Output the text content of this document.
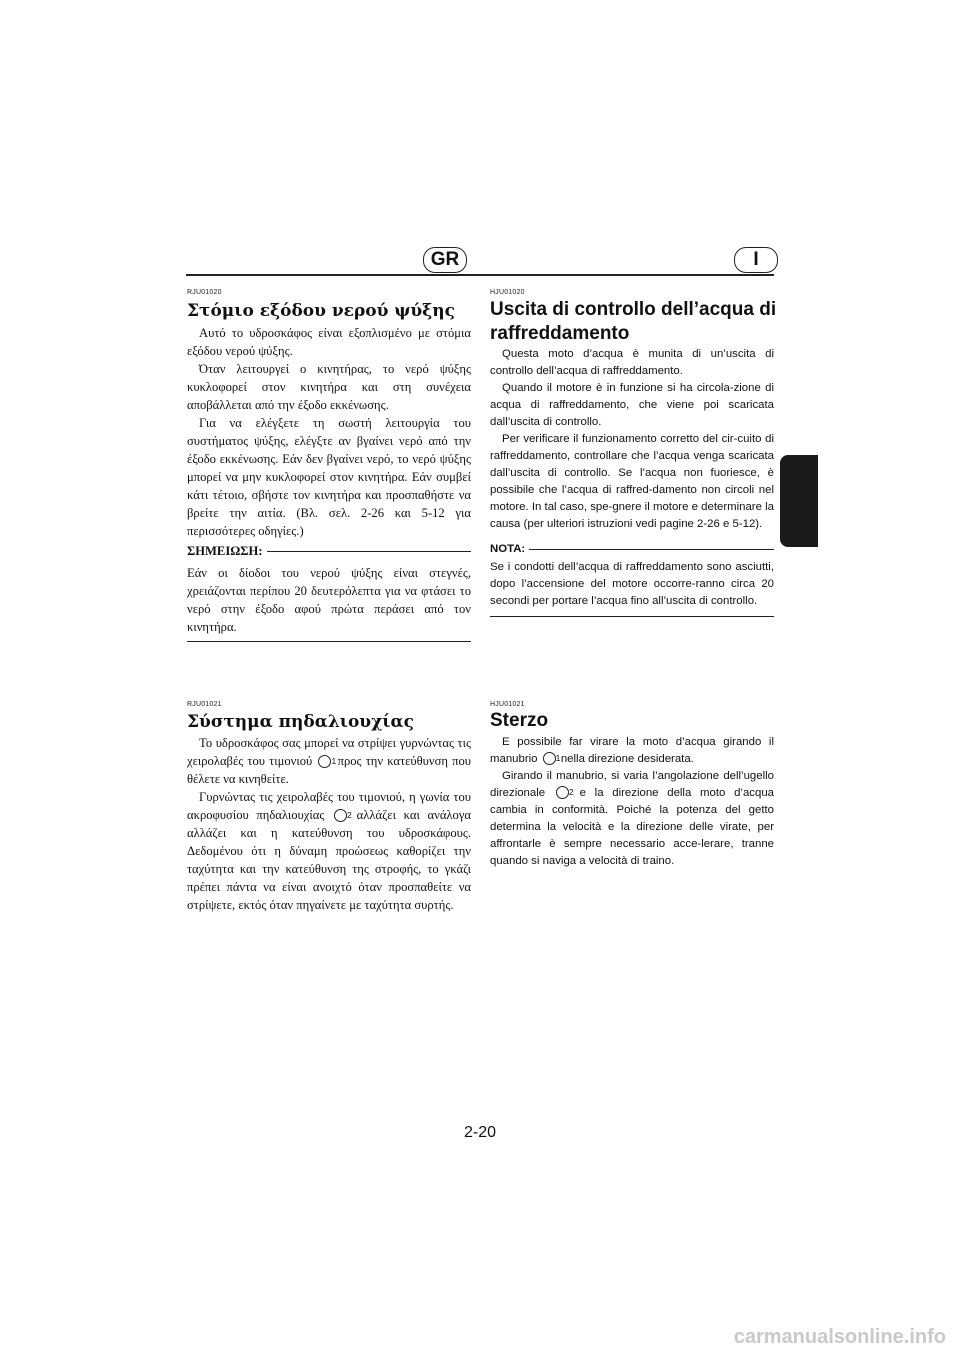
GR	I
RJU01020
Στόμιο εξόδου νερού ψύξης

Αυτό το υδροσκάφος είναι εξοπλισμένο με στόμια εξόδου νερού ψύξης.

Όταν λειτουργεί ο κινητήρας, το νερό ψύξης κυκλοφορεί στον κινητήρα και στη συνέχεια αποβάλλεται από την έξοδο εκκένωσης.

Για να ελέγξετε τη σωστή λειτουργία του συστήματος ψύξης, ελέγξτε αν βγαίνει νερό από την έξοδο εκκένωσης. Εάν δεν βγαίνει νερό, το νερό ψύξης μπορεί να μην κυκλοφορεί στον κινητήρα. Εάν συμβεί κάτι τέτοιο, σβήστε τον κινητήρα και προσπαθήστε να βρείτε την αιτία. (Βλ. σελ. 2-26 και 5-12 για περισσότερες οδηγίες.)

ΣΗΜΕΙΩΣΗ:
Εάν οι δίοδοι του νερού ψύξης είναι στεγνές, χρειάζονται περίπου 20 δευτερόλεπτα για να φτάσει το νερό στην έξοδο αφού πρώτα περάσει από τον κινητήρα.
HJU01020
Uscita di controllo dell’acqua di
raffreddamento

Questa moto d’acqua è munita di un’uscita di controllo dell’acqua di raffreddamento.

Quando il motore è in funzione si ha circola-zione di acqua di raffreddamento, che viene poi scaricata dall’uscita di controllo.

Per verificare il funzionamento corretto del cir-cuito di raffreddamento, controllare che l’acqua venga scaricata dall’uscita di controllo. Se l’acqua non fuoriesce, è possibile che l’acqua di raffred-damento non circoli nel motore. In tal caso, spe-gnere il motore e determinare la causa (per ulteriori istruzioni vedi pagine 2-26 e 5-12).

NOTA:
Se i condotti dell’acqua di raffreddamento sono asciutti, dopo l’accensione del motore occorre-ranno circa 20 secondi per portare l’acqua fino all’uscita di controllo.
RJU01021
Σύστημα πηδαλιουχίας

Το υδροσκάφος σας μπορεί να στρίψει γυρνώντας τις χειρολαβές του τιμονιού 1 προς την κατεύθυνση που θέλετε να κινηθείτε.

Γυρνώντας τις χειρολαβές του τιμονιού, η γωνία του ακροφυσίου πηδαλιουχίας	2 αλλάζει και ανάλογα αλλάζει και η κατεύθυνση του υδροσκάφους. Δεδομένου ότι η δύναμη προώσεως καθορίζει την ταχύτητα και την κατεύθυνση της στροφής, το γκάζι πρέπει πάντα να είναι ανοιχτό όταν προσπαθείτε να στρίψετε, εκτός όταν πηγαίνετε με ταχύτητα συρτής.

HJU01021
Sterzo

E possibile far virare la moto d’acqua girando il manubrio 1 nella direzione desiderata.

Girando il manubrio, si varia l’angolazione dell’ugello direzionale	2 e la direzione della moto d’acqua cambia in conformità. Poiché la potenza del getto determina la velocità e la direzione delle virate, per affrontarle è sempre necessario acce-lerare, tranne quando si naviga a velocità di traino.

2-20
carmanualsonline.info
